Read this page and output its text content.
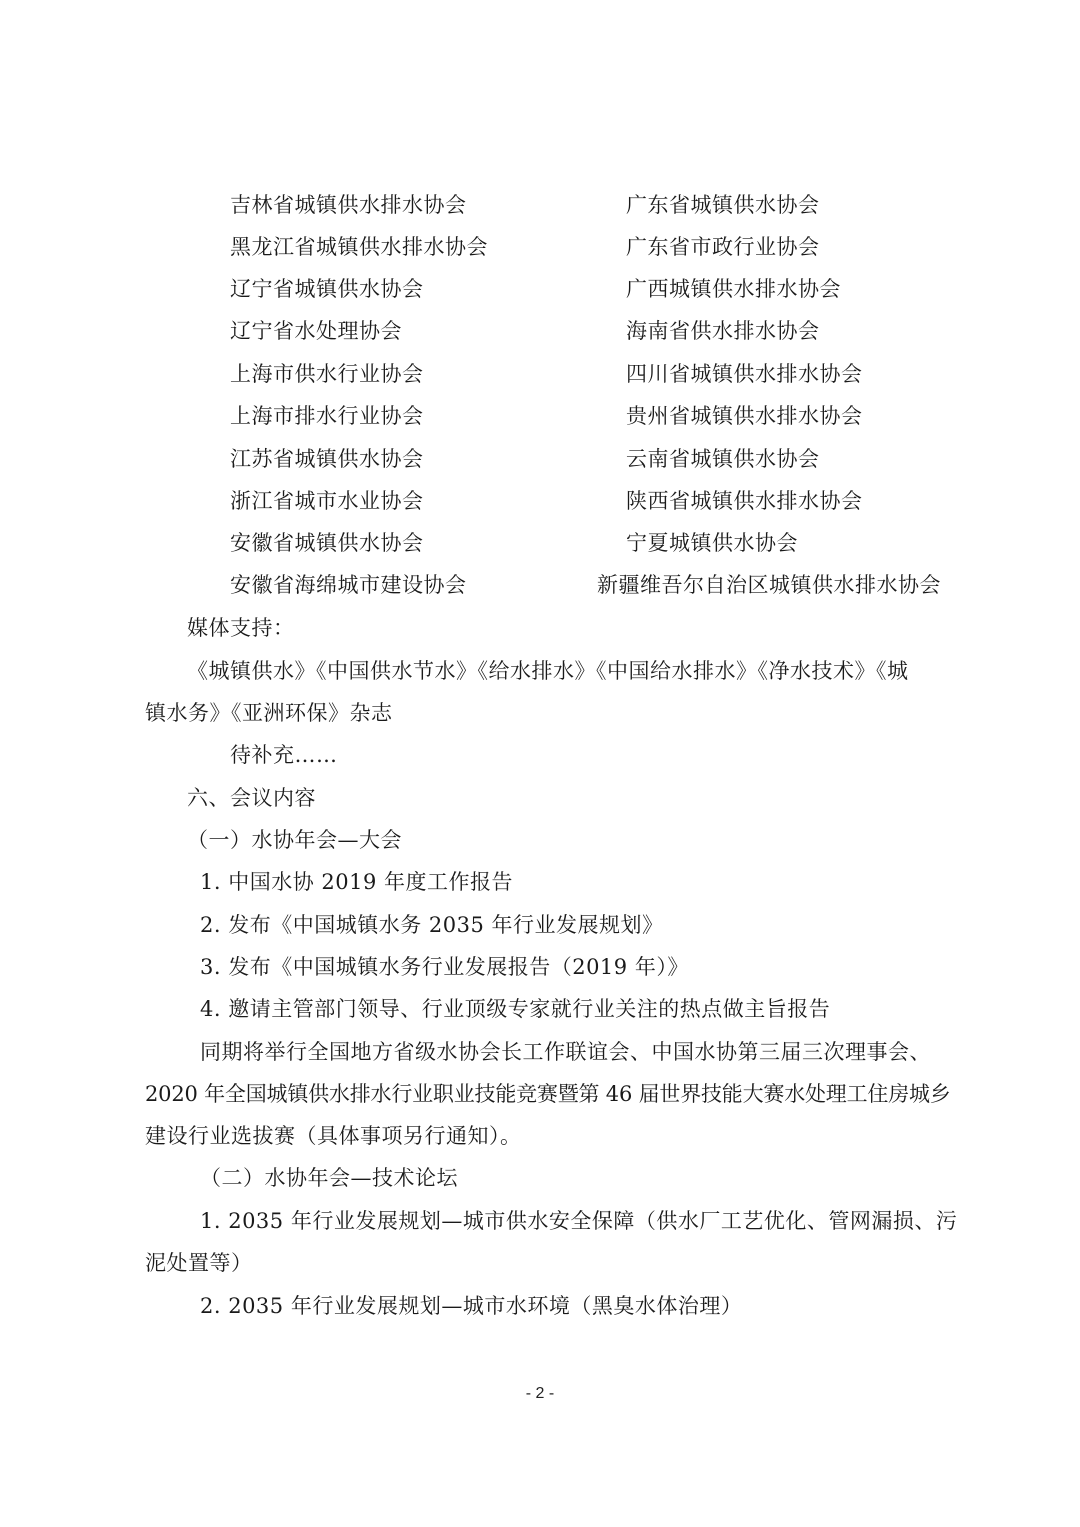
吉林省城镇供水排水协会
黑龙江省城镇供水排水协会
辽宁省城镇供水协会
辽宁省水处理协会
上海市供水行业协会
上海市排水行业协会
江苏省城镇供水协会
浙江省城市水业协会
安徽省城镇供水协会
安徽省海绵城市建设协会
广东省城镇供水协会
广东省市政行业协会
广西城镇供水排水协会
海南省供水排水协会
四川省城镇供水排水协会
贵州省城镇供水排水协会
云南省城镇供水协会
陕西省城镇供水排水协会
宁夏城镇供水协会
新疆维吾尔自治区城镇供水排水协会
媒体支持：
《城镇供水》《中国供水节水》《给水排水》《中国给水排水》《净水技术》《城
镇水务》《亚洲环保》杂志
待补充……
六、会议内容
（一）水协年会—大会
1. 中国水协 2019 年度工作报告
2. 发布《中国城镇水务 2035 年行业发展规划》
3. 发布《中国城镇水务行业发展报告（2019 年）》
4. 邀请主管部门领导、行业顶级专家就行业关注的热点做主旨报告
同期将举行全国地方省级水协会长工作联谊会、中国水协第三届三次理事会、
2020 年全国城镇供水排水行业职业技能竞赛暨第 46 届世界技能大赛水处理工住房城乡
建设行业选拔赛（具体事项另行通知）。
（二）水协年会—技术论坛
1. 2035 年行业发展规划—城市供水安全保障（供水厂工艺优化、管网漏损、污
泥处置等）
2. 2035 年行业发展规划—城市水环境（黑臭水体治理）
- 2 -
